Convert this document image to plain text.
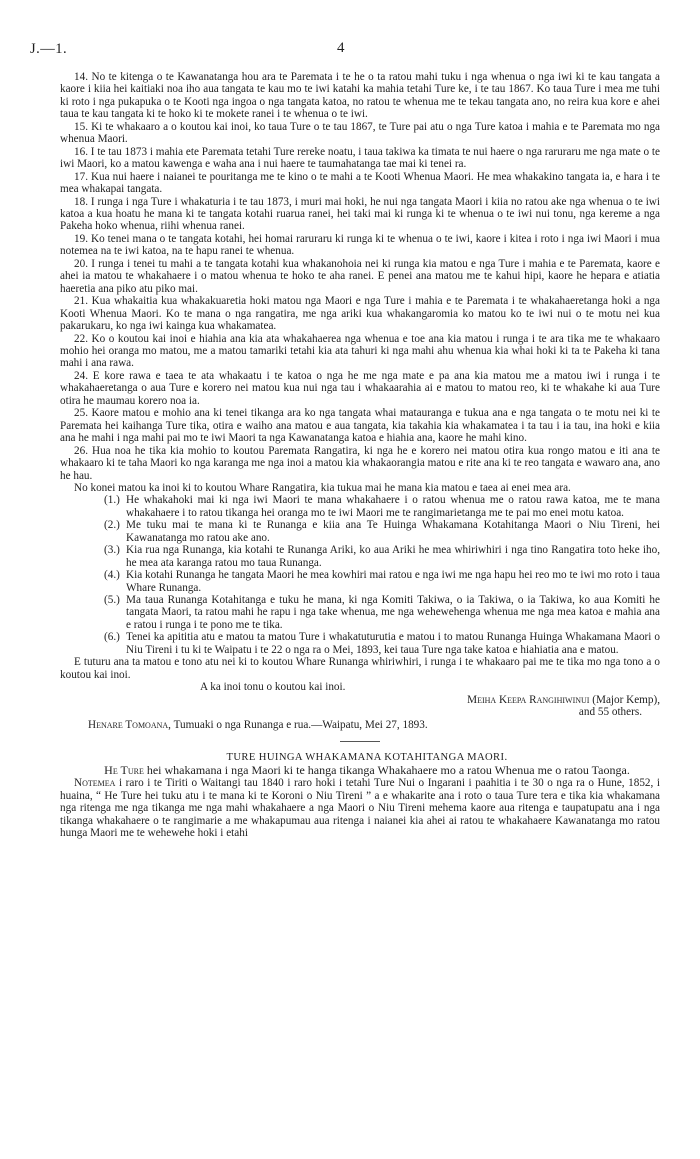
J.—1.	4

14. No te kitenga o te Kawanatanga hou ara te Paremata i te he o ta ratou mahi tuku i nga whenua o nga iwi ki te kau tangata a kaore i kiia hei kaitiaki noa iho aua tangata te kau mo te iwi katahi ka mahia tetahi Ture ke, i te tau 1867. Ko taua Ture i mea me tuhi ki roto i nga pukapuka o te Kooti nga ingoa o nga tangata katoa, no ratou te whenua me te tekau tangata ano, no reira kua kore e ahei taua te kau tangata ki te hoko ki te mokete ranei i te whenua o te iwi.

15. Ki te whakaaro a o koutou kai inoi, ko taua Ture o te tau 1867, te Ture pai atu o nga Ture katoa i mahia e te Paremata mo nga whenua Maori.

16. I te tau 1873 i mahia ete Paremata tetahi Ture rereke noatu, i taua takiwa ka timata te nui haere o nga raruraru me nga mate o te iwi Maori, ko a matou kawenga e waha ana i nui haere te taumahatanga tae mai ki tenei ra.

17. Kua nui haere i naianei te pouritanga me te kino o te mahi a te Kooti Whenua Maori. He mea whakakino tangata ia, e hara i te mea whakapai tangata.

18. I runga i nga Ture i whakaturia i te tau 1873, i muri mai hoki, he nui nga tangata Maori i kiia no ratou ake nga whenua o te iwi katoa a kua hoatu he mana ki te tangata kotahi ruarua ranei, hei taki mai ki runga ki te whenua o te iwi nui tonu, nga kereme a nga Pakeha hoko whenua, riihi whenua ranei.

19. Ko tenei mana o te tangata kotahi, hei homai raruraru ki runga ki te whenua o te iwi, kaore i kitea i roto i nga iwi Maori i mua notemea na te iwi katoa, na te hapu ranei te whenua.

20. I runga i tenei tu mahi a te tangata kotahi kua whakanohoia nei ki runga kia matou e nga Ture i mahia e te Paremata, kaore e ahei ia matou te whakahaere i o matou whenua te hoko te aha ranei. E penei ana matou me te kahui hipi, kaore he hepara e atiatia haeretia ana piko atu piko mai.

21. Kua whakaitia kua whakakuaretia hoki matou nga Maori e nga Ture i mahia e te Paremata i te whakahaeretanga hoki a nga Kooti Whenua Maori. Ko te mana o nga rangatira, me nga ariki kua whakangaromia ko matou ko te iwi nui o te motu nei kua pakarukaru, ko nga iwi kainga kua whakamatea.

22. Ko o koutou kai inoi e hiahia ana kia ata whakahaerea nga whenua e toe ana kia matou i runga i te ara tika me te whakaaro mohio hei oranga mo matou, me a matou tamariki tetahi kia ata tahuri ki nga mahi ahu whenua kia whai hoki ki ta te Pakeha ki tana mahi i ana rawa.

24. E kore rawa e taea te ata whakaatu i te katoa o nga he me nga mate e pa ana kia matou me a matou iwi i runga i te whakahaeretanga o aua Ture e korero nei matou kua nui nga tau i whakaarahia ai e matou to matou reo, ki te whakahe ki aua Ture otira he maumau korero noa ia.

25. Kaore matou e mohio ana ki tenei tikanga ara ko nga tangata whai matauranga e tukua ana e nga tangata o te motu nei ki te Paremata hei kaihanga Ture tika, otira e waiho ana matou e aua tangata, kia takahia kia whakamatea i ta tau i ia tau, ina hoki e kiia ana he mahi i nga mahi pai mo te iwi Maori ta nga Kawanatanga katoa e hiahia ana, kaore he mahi kino.

26. Hua noa he tika kia mohio to koutou Paremata Rangatira, ki nga he e korero nei matou otira kua rongo matou e iti ana te whakaaro ki te taha Maori ko nga karanga me nga inoi a matou kia whakaorangia matou e rite ana ki te reo tangata e wawaro ana, ano he hau.

No konei matou ka inoi ki to koutou Whare Rangatira, kia tukua mai he mana kia matou e taea ai enei mea ara.

(1.) He whakahoki mai ki nga iwi Maori te mana whakahaere i o ratou whenua me o ratou rawa katoa, me te mana whakahaere i to ratou tikanga hei oranga mo te iwi Maori me te rangimarietanga me te pai mo enei motu katoa.
(2.) Me tuku mai te mana ki te Runanga e kiia ana Te Huinga Whakamana Kotahitanga Maori o Niu Tireni, hei Kawanatanga mo ratou ake ano.
(3.) Kia rua nga Runanga, kia kotahi te Runanga Ariki, ko aua Ariki he mea whiriwhiri i nga tino Rangatira toto heke iho, he mea ata karanga ratou mo taua Runanga.
(4.) Kia kotahi Runanga he tangata Maori he mea kowhiri mai ratou e nga iwi me nga hapu hei reo mo te iwi mo roto i taua Whare Runanga.
(5.) Ma taua Runanga Kotahitanga e tuku he mana, ki nga Komiti Takiwa, o ia Takiwa, o ia Takiwa, ko aua Komiti he tangata Maori, ta ratou mahi he rapu i nga take whenua, me nga wehewehenga whenua me nga mea katoa e mahia ana e ratou i runga i te pono me te tika.
(6.) Tenei ka apititia atu e matou ta matou Ture i whakatuturutia e matou i to matou Runanga Huinga Whakamana Maori o Niu Tireni i tu ki te Waipatu i te 22 o nga ra o Mei, 1893, kei taua Ture nga take katoa e hiahiatia ana e matou.

E tuturu ana ta matou e tono atu nei ki to koutou Whare Runanga whiriwhiri, i runga i te whakaaro pai me te tika mo nga tono a o koutou kai inoi.

A ka inoi tonu o koutou kai inoi.

Meiha Keepa Rangihiwinui (Major Kemp),

and 55 others.

Henare Tomoana, Tumuaki o nga Runanga e rua.—Waipatu, Mei 27, 1893.

TURE HUINGA WHAKAMANA KOTAHITANGA MAORI.

He Ture hei whakamana i nga Maori ki te hanga tikanga Whakahaere mo a ratou Whenua me o ratou Taonga.

Notemea i raro i te Tiriti o Waitangi tau 1840 i raro hoki i tetahi Ture Nui o Ingarani i paahitia i te 30 o nga ra o Hune, 1852, i huaina, “ He Ture hei tuku atu i te mana ki te Koroni o Niu Tireni ” a e whakarite ana i roto o taua Ture tera e tika kia whakamana nga ritenga me nga tikanga me nga mahi whakahaere a nga Maori o Niu Tireni mehema kaore aua ritenga e taupatupatu ana i nga tikanga whakahaere o te rangimarie a me whakapumau aua ritenga i naianei kia ahei ai ratou te whakahaere Kawanatanga mo ratou hunga Maori me te wehewehe hoki i etahi
